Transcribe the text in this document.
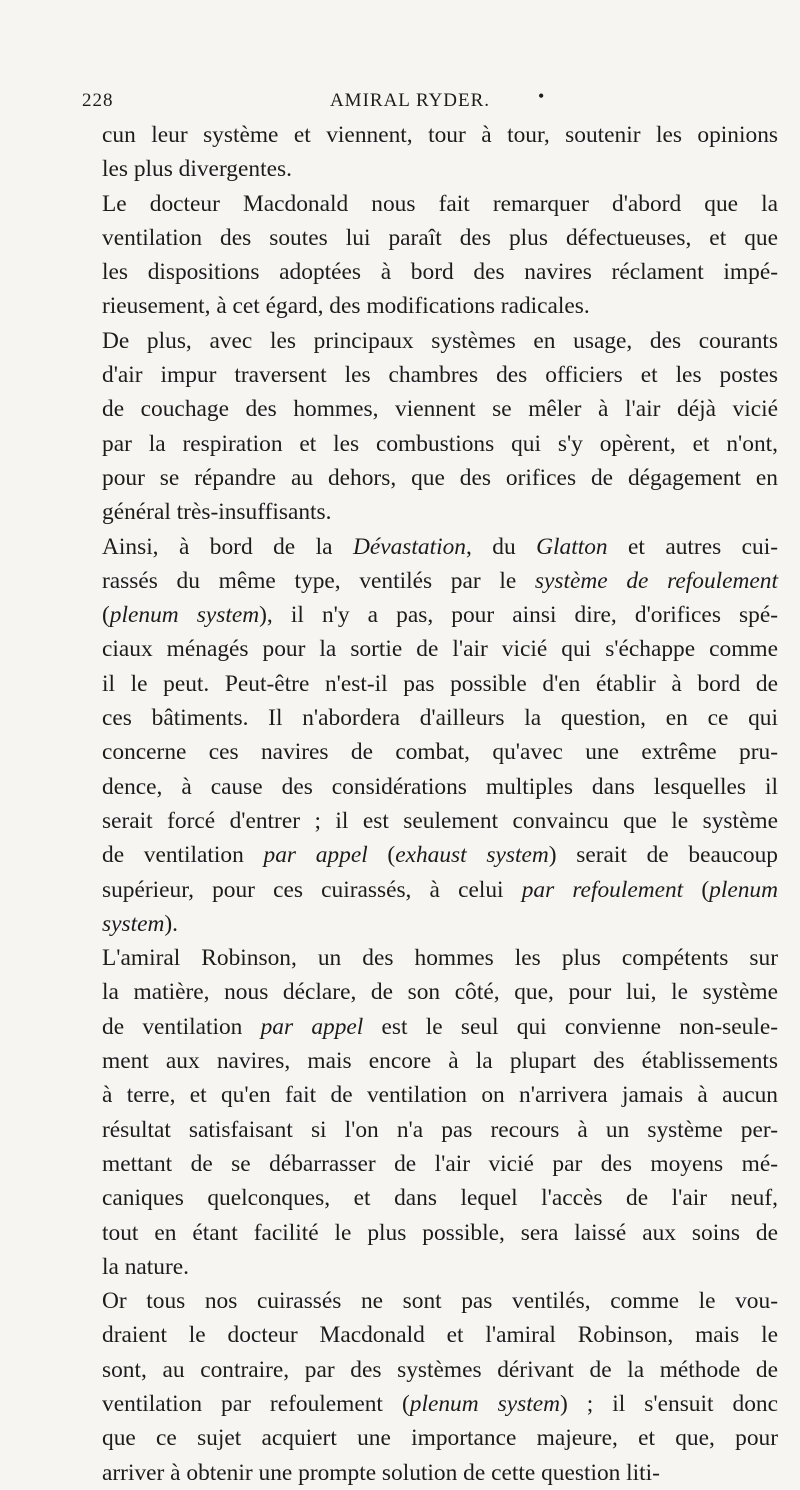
228	AMIRAL RYDER.	•

cun leur système et viennent, tour à tour, soutenir les opinions
les plus divergentes.

Le docteur Macdonald nous fait remarquer d'abord que la
ventilation des soutes lui paraît des plus défectueuses, et que
les dispositions adoptées à bord des navires réclament impé-
rieusement, à cet égard, des modifications radicales.

De plus, avec les principaux systèmes en usage, des courants
d'air impur traversent les chambres des officiers et les postes
de couchage des hommes, viennent se mêler à l'air déjà vicié
par la respiration et les combustions qui s'y opèrent, et n'ont,
pour se répandre au dehors, que des orifices de dégagement en
général très-insuffisants.

Ainsi, à bord de la Dévastation, du Glatton et autres cui-
rassés du même type, ventilés par le système de refoulement
(plenum system), il n'y a pas, pour ainsi dire, d'orifices spé-
ciaux ménagés pour la sortie de l'air vicié qui s'échappe comme
il le peut. Peut-être n'est-il pas possible d'en établir à bord de
ces bâtiments. Il n'abordera d'ailleurs la question, en ce qui
concerne ces navires de combat, qu'avec une extrême pru-
dence, à cause des considérations multiples dans lesquelles il
serait forcé d'entrer ; il est seulement convaincu que le système
de ventilation par appel (exhaust system) serait de beaucoup
supérieur, pour ces cuirassés, à celui par refoulement (plenum
system).

L'amiral Robinson, un des hommes les plus compétents sur
la matière, nous déclare, de son côté, que, pour lui, le système
de ventilation par appel est le seul qui convienne non-seule-
ment aux navires, mais encore à la plupart des établissements
à terre, et qu'en fait de ventilation on n'arrivera jamais à aucun
résultat satisfaisant si l'on n'a pas recours à un système per-
mettant de se débarrasser de l'air vicié par des moyens mé-
caniques quelconques, et dans lequel l'accès de l'air neuf,
tout en étant facilité le plus possible, sera laissé aux soins de
la nature.

Or tous nos cuirassés ne sont pas ventilés, comme le vou-
draient le docteur Macdonald et l'amiral Robinson, mais le
sont, au contraire, par des systèmes dérivant de la méthode de
ventilation par refoulement (plenum system) ; il s'ensuit donc
que ce sujet acquiert une importance majeure, et que, pour
arriver à obtenir une prompte solution de cette question liti-
